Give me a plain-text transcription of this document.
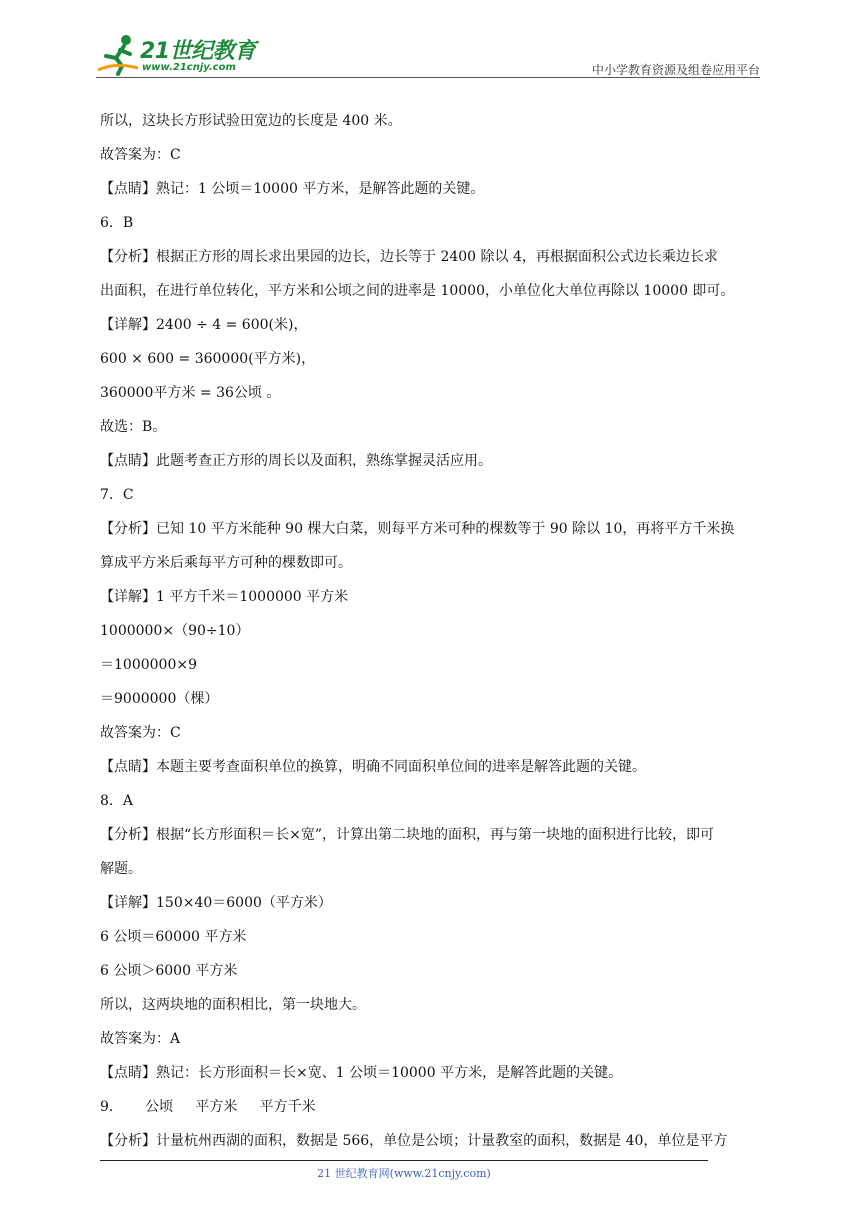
21世纪教育
www.21cnjy.com	中小学教育资源及组卷应用平台
所以，这块长方形试验田宽边的长度是 400 米。
故答案为：C
【点睛】熟记：1 公顷＝10000 平方米，是解答此题的关键。
6．B
【分析】根据正方形的周长求出果园的边长，边长等于 2400 除以 4，再根据面积公式边长乘边长求
出面积，在进行单位转化，平方米和公顷之间的进率是 10000，小单位化大单位再除以 10000 即可。
【详解】2400 ÷ 4 = 600(米)，
600 × 600 = 360000(平方米)，
360000平方米 = 36公顷 。
故选：B。
【点睛】此题考查正方形的周长以及面积，熟练掌握灵活应用。
7．C
【分析】已知 10 平方米能种 90 棵大白菜，则每平方米可种的棵数等于 90 除以 10，再将平方千米换
算成平方米后乘每平方可种的棵数即可。
【详解】1 平方千米＝1000000 平方米
1000000×（90÷10）
＝1000000×9
＝9000000（棵）
故答案为：C
【点睛】本题主要考查面积单位的换算，明确不同面积单位间的进率是解答此题的关键。
8．A
【分析】根据“长方形面积＝长×宽”，计算出第二块地的面积，再与第一块地的面积进行比较，即可
解题。
【详解】150×40＝6000（平方米）
6 公顷＝60000 平方米
6 公顷＞6000 平方米
所以，这两块地的面积相比，第一块地大。
故答案为：A
【点睛】熟记：长方形面积＝长×宽、1 公顷＝10000 平方米，是解答此题的关键。
9．     公顷     平方米     平方千米
【分析】计量杭州西湖的面积，数据是 566，单位是公顷；计量教室的面积，数据是 40，单位是平方
21 世纪教育网(www.21cnjy.com)
